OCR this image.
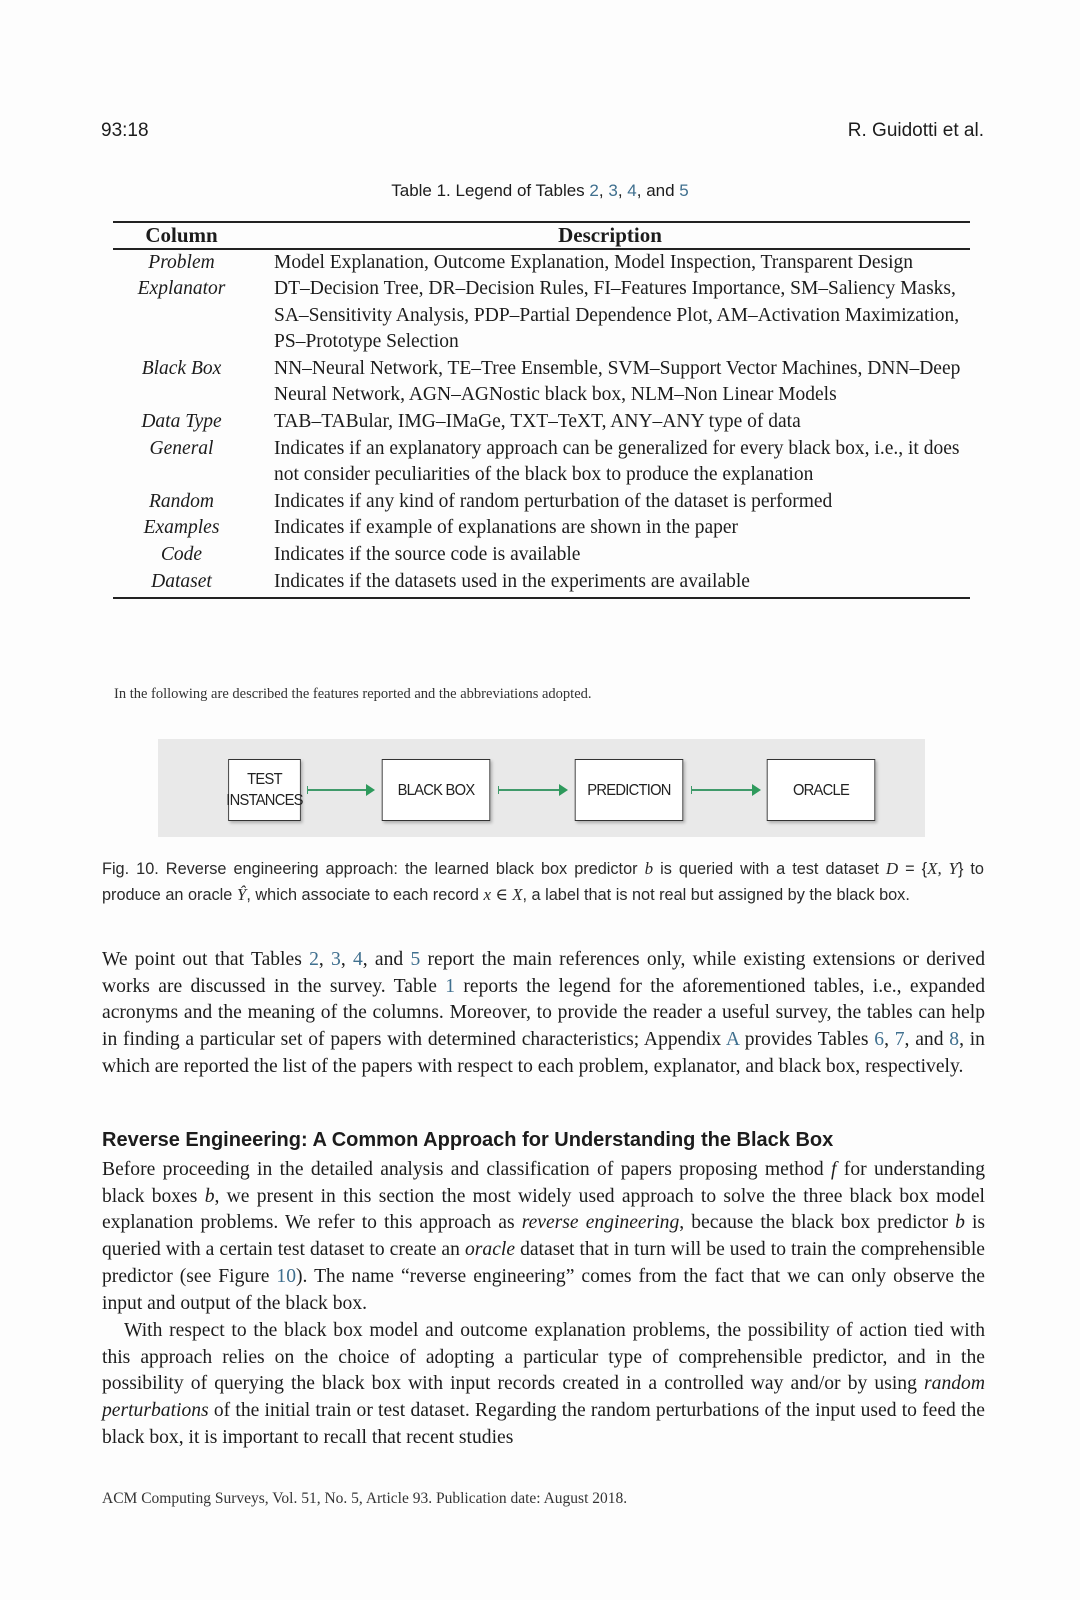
93:18	R. Guidotti et al.
Table 1. Legend of Tables 2, 3, 4, and 5
Column	Description
Problem	Model Explanation, Outcome Explanation, Model Inspection, Transparent Design
Explanator	DT–Decision Tree, DR–Decision Rules, FI–Features Importance, SM–Saliency Masks, SA–Sensitivity Analysis, PDP–Partial Dependence Plot, AM–Activation Maximization, PS–Prototype Selection
Black Box	NN–Neural Network, TE–Tree Ensemble, SVM–Support Vector Machines, DNN–Deep Neural Network, AGN–AGNostic black box, NLM–Non Linear Models
Data Type	TAB–TABular, IMG–IMaGe, TXT–TeXT, ANY–ANY type of data
General	Indicates if an explanatory approach can be generalized for every black box, i.e., it does not consider peculiarities of the black box to produce the explanation
Random	Indicates if any kind of random perturbation of the dataset is performed
Examples	Indicates if example of explanations are shown in the paper
Code	Indicates if the source code is available
Dataset	Indicates if the datasets used in the experiments are available
In the following are described the features reported and the abbreviations adopted.
TEST
INSTANCES
BLACK BOX	PREDICTION	ORACLE
Fig. 10. Reverse engineering approach: the learned black box predictor b is queried with a test dataset D = {X, Y} to produce an oracle Ŷ, which associate to each record x ∈ X, a label that is not real but assigned by the black box.
We point out that Tables 2, 3, 4, and 5 report the main references only, while existing extensions or derived works are discussed in the survey. Table 1 reports the legend for the aforementioned tables, i.e., expanded acronyms and the meaning of the columns. Moreover, to provide the reader a useful survey, the tables can help in finding a particular set of papers with determined characteristics; Appendix A provides Tables 6, 7, and 8, in which are reported the list of the papers with respect to each problem, explanator, and black box, respectively.
Reverse Engineering: A Common Approach for Understanding the Black Box
Before proceeding in the detailed analysis and classification of papers proposing method f for understanding black boxes b, we present in this section the most widely used approach to solve the three black box model explanation problems. We refer to this approach as reverse engineering, because the black box predictor b is queried with a certain test dataset to create an oracle dataset that in turn will be used to train the comprehensible predictor (see Figure 10). The name “reverse engineering” comes from the fact that we can only observe the input and output of the black box.
With respect to the black box model and outcome explanation problems, the possibility of action tied with this approach relies on the choice of adopting a particular type of comprehensible predictor, and in the possibility of querying the black box with input records created in a controlled way and/or by using random perturbations of the initial train or test dataset. Regarding the random perturbations of the input used to feed the black box, it is important to recall that recent studies
ACM Computing Surveys, Vol. 51, No. 5, Article 93. Publication date: August 2018.
